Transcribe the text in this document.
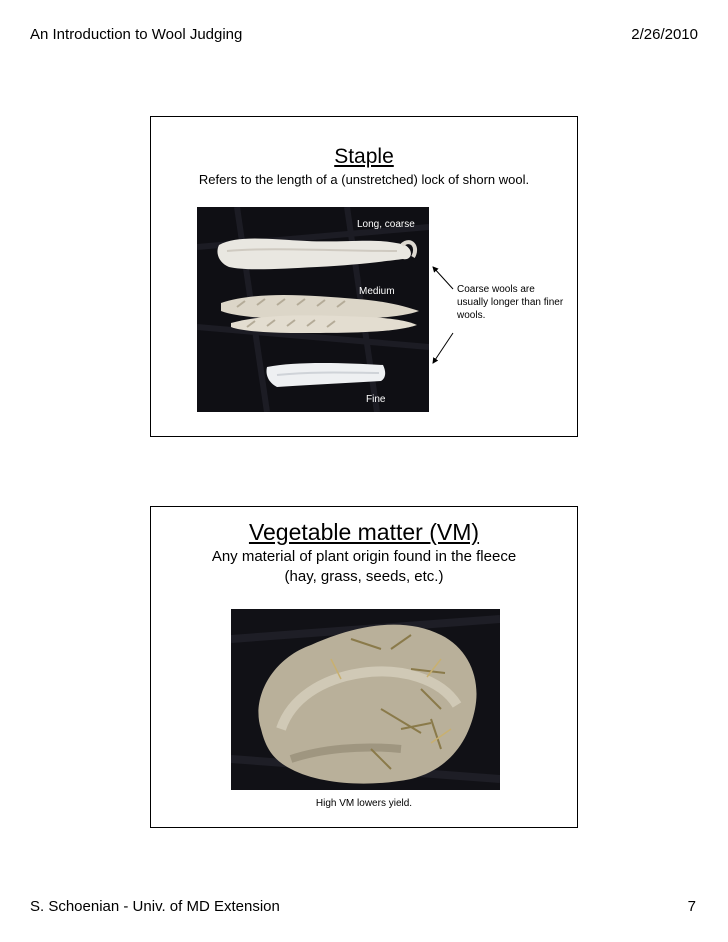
An Introduction to Wool Judging	2/26/2010
Staple
Refers to the length of a (unstretched) lock of shorn wool.
Long, coarse
Medium
Fine
Coarse wools are usually longer than finer wools.
Vegetable matter (VM)
Any material of plant origin found in the fleece (hay, grass, seeds, etc.)
High VM lowers yield.
S. Schoenian - Univ. of MD Extension	7
